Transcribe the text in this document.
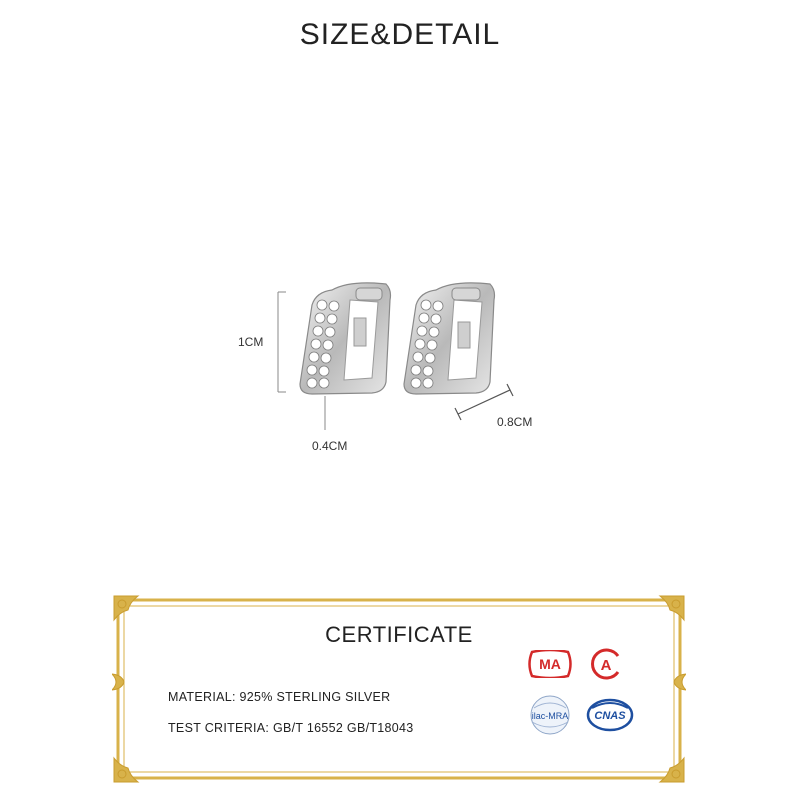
SIZE&DETAIL
1CM
0.4CM
0.8CM
CERTIFICATE
MATERIAL: 925% STERLING SILVER
TEST CRITERIA: GB/T 16552 GB/T18043
MA	A
ilac-MRA CNAS
